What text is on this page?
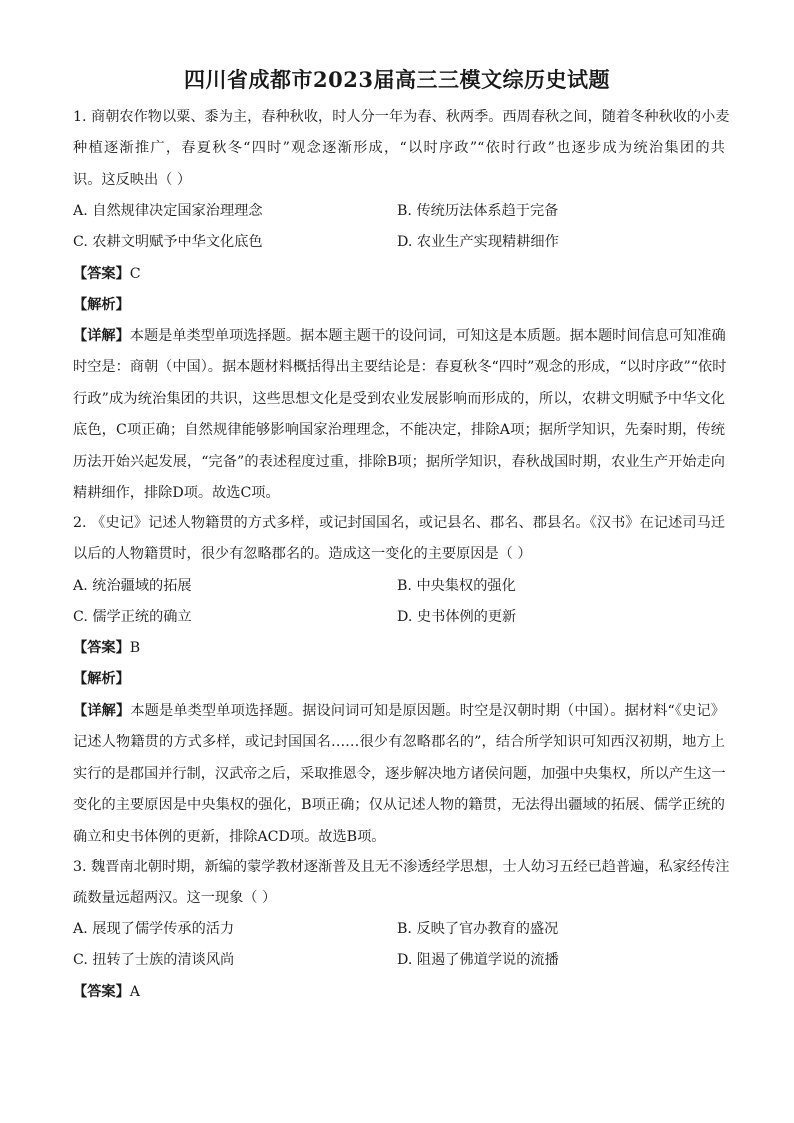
四川省成都市2023届高三三模文综历史试题
1. 商朝农作物以粟、黍为主，春种秋收，时人分一年为春、秋两季。西周春秋之间，随着冬种秋收的小麦
种植逐渐推广，春夏秋冬“四时”观念逐渐形成，“以时序政”“依时行政”也逐步成为统治集团的共
识。这反映出（ ）
A. 自然规律决定国家治理理念	B. 传统历法体系趋于完备
C. 农耕文明赋予中华文化底色	D. 农业生产实现精耕细作
【答案】C
【解析】
【详解】本题是单类型单项选择题。据本题主题干的设问词，可知这是本质题。据本题时间信息可知准确
时空是：商朝（中国）。据本题材料概括得出主要结论是：春夏秋冬“四时”观念的形成，“以时序政”“依时
行政”成为统治集团的共识，这些思想文化是受到农业发展影响而形成的，所以，农耕文明赋予中华文化
底色，C项正确；自然规律能够影响国家治理理念，不能决定，排除A项；据所学知识，先秦时期，传统
历法开始兴起发展，“完备”的表述程度过重，排除B项；据所学知识，春秋战国时期，农业生产开始走向
精耕细作，排除D项。故选C项。
2. 《史记》记述人物籍贯的方式多样，或记封国国名，或记县名、郡名、郡县名。《汉书》在记述司马迁
以后的人物籍贯时，很少有忽略郡名的。造成这一变化的主要原因是（ ）
A. 统治疆域的拓展	B. 中央集权的强化
C. 儒学正统的确立	D. 史书体例的更新
【答案】B
【解析】
【详解】本题是单类型单项选择题。据设问词可知是原因题。时空是汉朝时期（中国）。据材料“《史记》
记述人物籍贯的方式多样，或记封国国名……很少有忽略郡名的”，结合所学知识可知西汉初期，地方上
实行的是郡国并行制，汉武帝之后，采取推恩令，逐步解决地方诸侯问题，加强中央集权，所以产生这一
变化的主要原因是中央集权的强化，B项正确；仅从记述人物的籍贯，无法得出疆域的拓展、儒学正统的
确立和史书体例的更新，排除ACD项。故选B项。
3. 魏晋南北朝时期，新编的蒙学教材逐渐普及且无不渗透经学思想，士人幼习五经已趋普遍，私家经传注
疏数量远超两汉。这一现象（ ）
A. 展现了儒学传承的活力	B. 反映了官办教育的盛况
C. 扭转了士族的清谈风尚	D. 阻遏了佛道学说的流播
【答案】A
